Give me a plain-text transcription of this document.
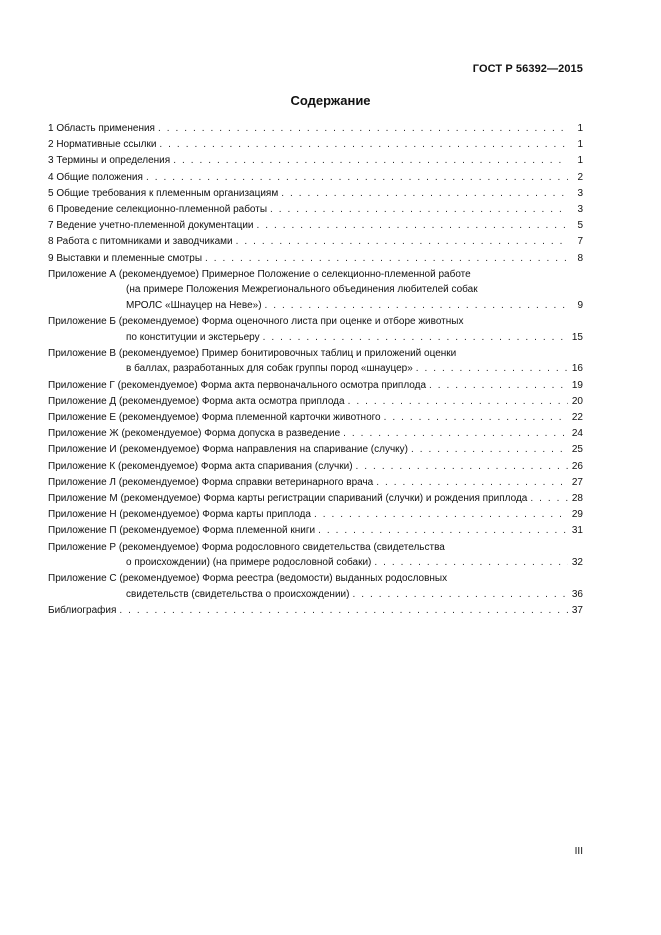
ГОСТ Р 56392—2015
Содержание
1 Область применения . . .	1
2 Нормативные ссылки . . .	1
3 Термины и определения . . .	1
4 Общие положения . . .	2
5 Общие требования к племенным организациям . . .	3
6 Проведение селекционно-племенной работы . . .	3
7 Ведение учетно-племенной документации . . .	5
8 Работа с питомниками и заводчиками . . .	7
9 Выставки и племенные смотры . . .	8
Приложение А (рекомендуемое) Примерное Положение о селекционно-племенной работе
(на примере Положения Межрегионального объединения любителей собак
МРОЛС «Шнауцер на Неве») . . .	9
Приложение Б (рекомендуемое) Форма оценочного листа при оценке и отборе животных
по конституции и экстерьеру . . .	15
Приложение В (рекомендуемое) Пример бонитировочных таблиц и приложений оценки
в баллах, разработанных для собак группы пород «шнауцер» . . .	16
Приложение Г (рекомендуемое) Форма акта первоначального осмотра приплода . . .	19
Приложение Д (рекомендуемое) Форма акта осмотра приплода . . .	20
Приложение Е (рекомендуемое) Форма племенной карточки животного . . .	22
Приложение Ж (рекомендуемое) Форма допуска в разведение . . .	24
Приложение И (рекомендуемое) Форма направления на спаривание (случку) . . .	25
Приложение К (рекомендуемое) Форма акта спаривания (случки) . . .	26
Приложение Л (рекомендуемое) Форма справки ветеринарного врача . . .	27
Приложение М (рекомендуемое) Форма карты регистрации спариваний (случки) и рождения приплода . . .	28
Приложение Н (рекомендуемое) Форма карты приплода . . .	29
Приложение П (рекомендуемое) Форма племенной книги . . .	31
Приложение Р (рекомендуемое) Форма родословного свидетельства (свидетельства
о происхождении) (на примере родословной собаки) . . .	32
Приложение С (рекомендуемое) Форма реестра (ведомости) выданных родословных
свидетельств (свидетельства о происхождении) . . .	36
Библиография . . .	37
III
